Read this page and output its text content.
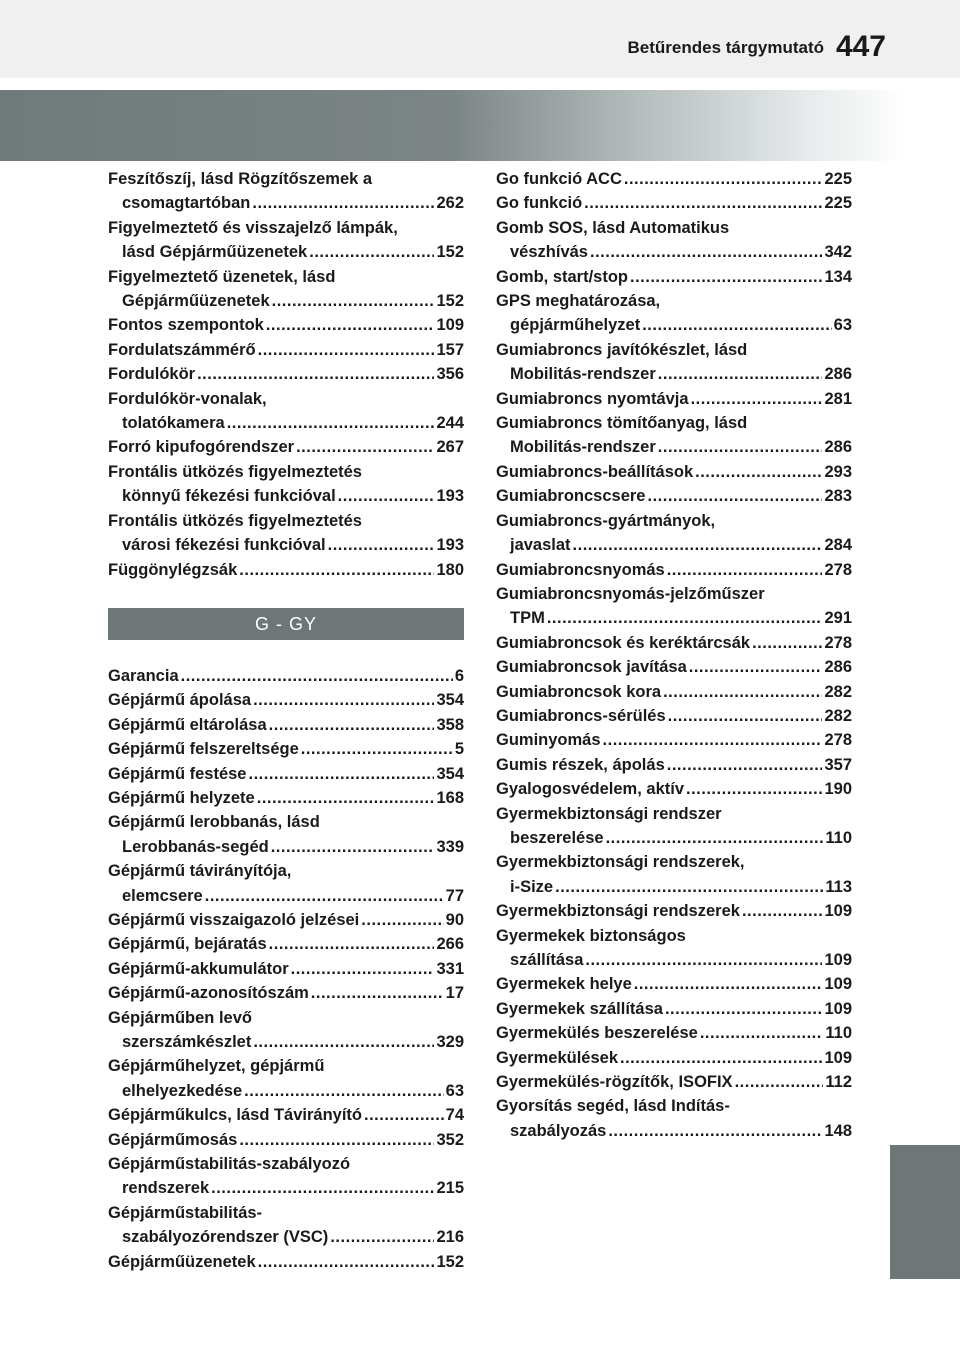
Betűrendes tárgymutató 447
Feszítőszíj, lásd Rögzítőszemek a
csomagtartóban .....	262
Figyelmeztető és visszajelző lámpák,
lásd Gépjárműüzenetek .....	152
Figyelmeztető üzenetek, lásd
Gépjárműüzenetek .....	152
Fontos szempontok .....	109
Fordulatszámmérő .....	157
Fordulókör .....	356
Fordulókör-vonalak,
tolatókamera .....	244
Forró kipufogórendszer .....	267
Frontális ütközés figyelmeztetés
könnyű fékezési funkcióval .....	193
Frontális ütközés figyelmeztetés
városi fékezési funkcióval .....	193
Függönylégzsák .....	180
G - GY
Garancia .....	6
Gépjármű ápolása .....	354
Gépjármű eltárolása .....	358
Gépjármű felszereltsége .....	5
Gépjármű festése .....	354
Gépjármű helyzete .....	168
Gépjármű lerobbanás, lásd
Lerobbanás-segéd .....	339
Gépjármű távirányítója,
elemcsere .....	77
Gépjármű visszaigazoló jelzései .....	90
Gépjármű, bejáratás .....	266
Gépjármű-akkumulátor .....	331
Gépjármű-azonosítószám .....	17
Gépjárműben levő
szerszámkészlet .....	329
Gépjárműhelyzet, gépjármű
elhelyezkedése .....	63
Gépjárműkulcs, lásd Távirányító .....	74
Gépjárműmosás .....	352
Gépjárműstabilitás-szabályozó
rendszerek .....	215
Gépjárműstabilitás-
szabályozórendszer (VSC) .....	216
Gépjárműüzenetek .....	152
Go funkció ACC .....	225
Go funkció .....	225
Gomb SOS, lásd Automatikus
vészhívás .....	342
Gomb, start/stop .....	134
GPS meghatározása,
gépjárműhelyzet .....	63
Gumiabroncs javítókészlet, lásd
Mobilitás-rendszer .....	286
Gumiabroncs nyomtávja .....	281
Gumiabroncs tömítőanyag, lásd
Mobilitás-rendszer .....	286
Gumiabroncs-beállítások .....	293
Gumiabroncscsere .....	283
Gumiabroncs-gyártmányok,
javaslat .....	284
Gumiabroncsnyomás .....	278
Gumiabroncsnyomás-jelzőműszer
TPM .....	291
Gumiabroncsok és keréktárcsák .....	278
Gumiabroncsok javítása .....	286
Gumiabroncsok kora .....	282
Gumiabroncs-sérülés .....	282
Guminyomás .....	278
Gumis részek, ápolás .....	357
Gyalogosvédelem, aktív .....	190
Gyermekbiztonsági rendszer
beszerelése .....	110
Gyermekbiztonsági rendszerek,
i-Size .....	113
Gyermekbiztonsági rendszerek .....	109
Gyermekek biztonságos
szállítása .....	109
Gyermekek helye .....	109
Gyermekek szállítása .....	109
Gyermekülés beszerelése .....	110
Gyermekülések .....	109
Gyermekülés-rögzítők, ISOFIX .....	112
Gyorsítás segéd, lásd Indítás-
szabályozás .....	148
